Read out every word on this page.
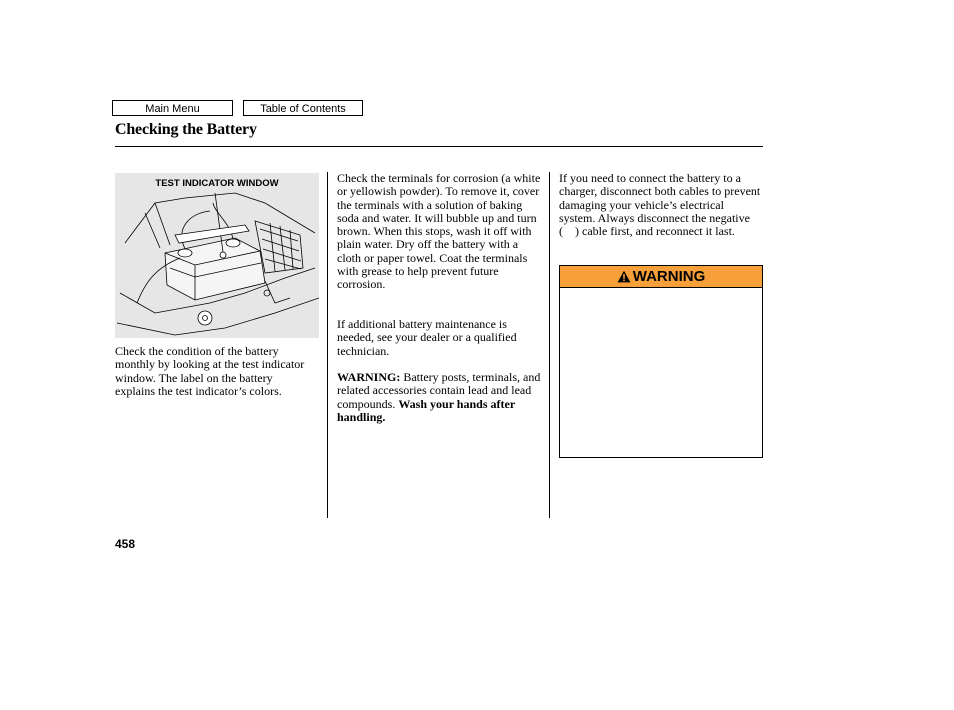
Main Menu	Table of Contents
Checking the Battery
TEST INDICATOR WINDOW
Check the condition of the battery monthly by looking at the test indicator window. The label on the battery explains the test indicator’s colors.
Check the terminals for corrosion (a white or yellowish powder). To remove it, cover the terminals with a solution of baking soda and water. It will bubble up and turn brown. When this stops, wash it off with plain water. Dry off the battery with a cloth or paper towel. Coat the terminals with grease to help prevent future corrosion.
If additional battery maintenance is needed, see your dealer or a qualified technician.
WARNING: Battery posts, terminals, and related accessories contain lead and lead compounds. Wash your hands after handling.
If you need to connect the battery to a charger, disconnect both cables to prevent damaging your vehicle’s electrical system. Always disconnect the negative (  ) cable first, and reconnect it last.
WARNING
458
